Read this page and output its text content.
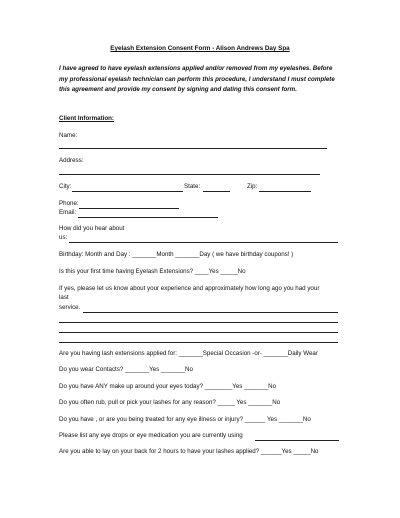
Eyelash Extension Consent Form - Alison Andrews Day Spa
I have agreed to have eyelash extensions applied and/or removed from my eyelashes. Before
my professional eyelash technician can perform this procedure, I understand I must complete
this agreement and provide my consent by signing and dating this consent form.
Client Information:
Name:
Address:
City:	State:	Zip:
Phone:
Email:
How did you hear about
us:
Birthday: Month and Day : _______Month _______Day ( we have birthday coupons! )
Is this your first time having Eyelash Extensions? ____Yes _____No
If yes, please let us know about your experience and approximately how long ago you had your
last
service.
Are you having lash extensions applied for: _______Special Occasion -or- _______Daily Wear
Do you wear Contacts? _______Yes _______No
Do you have ANY make up around your eyes today? ________Yes _______No
Do you often rub, pull or pick your lashes for any reason? _____ Yes _______No
Do you have , or are you being treated for any eye illness or injury? ______ Yes _______No
Please list any eye drops or eye medication you are currently using
Are you able to lay on your back for 2 hours to have your lashes applied? ______Yes _____No
